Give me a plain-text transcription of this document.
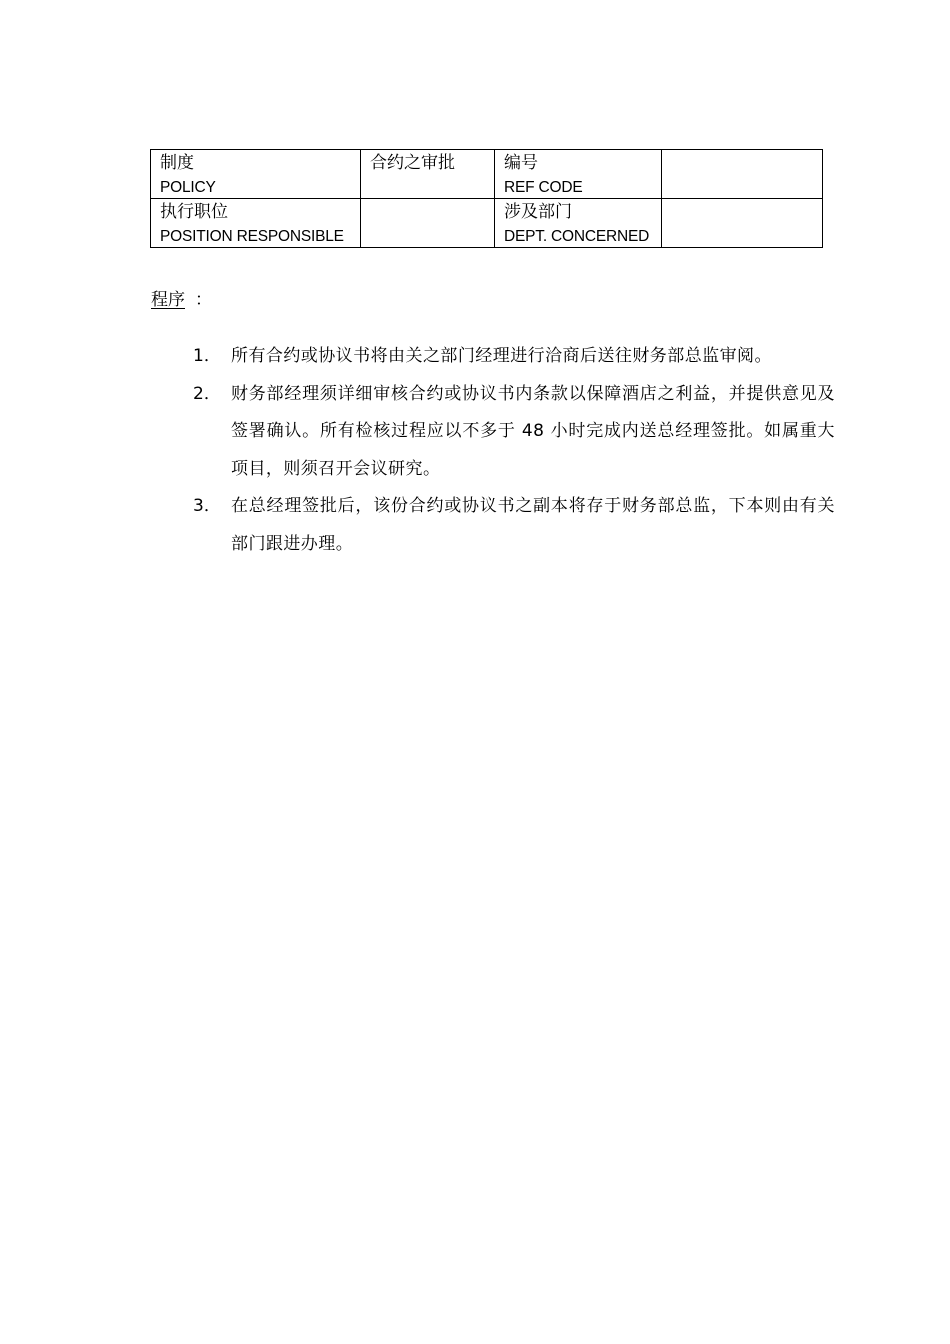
制度
POLICY	合约之审批	编号
REF CODE	

执行职位
POSITION RESPONSIBLE		涉及部门
DEPT. CONCERNED	

程序 ：
1． 所有合约或协议书将由关之部门经理进行洽商后送往财务部总监审阅。
2． 财务部经理须详细审核合约或协议书内条款以保障酒店之利益，并提供意见及签署确认。所有检核过程应以不多于 48 小时完成内送总经理签批。如属重大项目，则须召开会议研究。
3． 在总经理签批后，该份合约或协议书之副本将存于财务部总监，下本则由有关部门跟进办理。
